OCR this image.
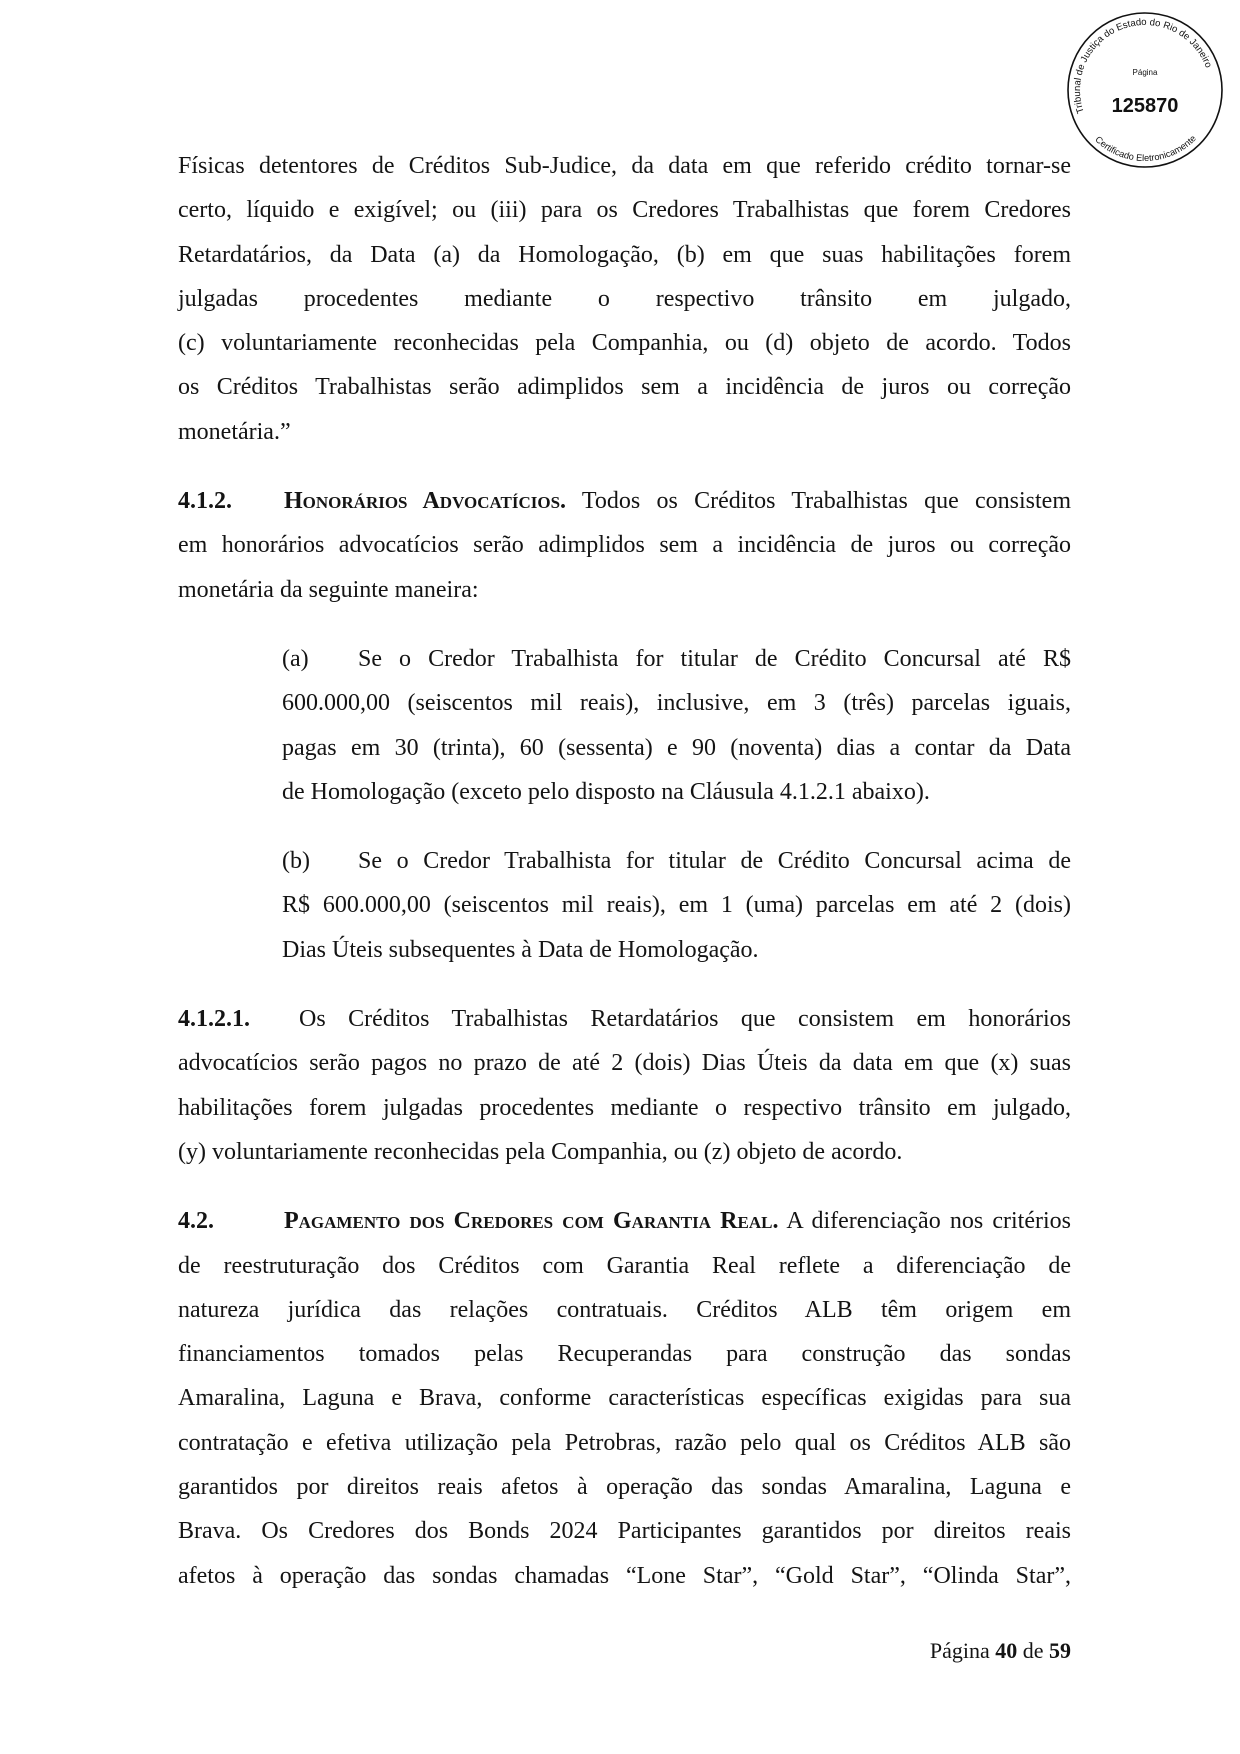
Tribunal de Justiça do Estado do Rio de Janeiro
Página
125870
Certificado Eletronicamente
Físicas detentores de Créditos Sub-Judice, da data em que referido crédito tornar-se
certo, líquido e exigível; ou (iii) para os Credores Trabalhistas que forem Credores
Retardatários, da Data (a) da Homologação, (b) em que suas habilitações forem
julgadas procedentes mediante o respectivo trânsito em julgado,
(c) voluntariamente reconhecidas pela Companhia, ou (d) objeto de acordo. Todos
os Créditos Trabalhistas serão adimplidos sem a incidência de juros ou correção
monetária.”
4.1.2.	Honorários Advocatícios. Todos os Créditos Trabalhistas que consistem
em honorários advocatícios serão adimplidos sem a incidência de juros ou correção
monetária da seguinte maneira:
(a)	Se o Credor Trabalhista for titular de Crédito Concursal até R$
600.000,00 (seiscentos mil reais), inclusive, em 3 (três) parcelas iguais,
pagas em 30 (trinta), 60 (sessenta) e 90 (noventa) dias a contar da Data
de Homologação (exceto pelo disposto na Cláusula 4.1.2.1 abaixo).
(b)	Se o Credor Trabalhista for titular de Crédito Concursal acima de
R$ 600.000,00 (seiscentos mil reais), em 1 (uma) parcelas em até 2 (dois)
Dias Úteis subsequentes à Data de Homologação.
4.1.2.1.	Os Créditos Trabalhistas Retardatários que consistem em honorários
advocatícios serão pagos no prazo de até 2 (dois) Dias Úteis da data em que (x) suas
habilitações forem julgadas procedentes mediante o respectivo trânsito em julgado,
(y) voluntariamente reconhecidas pela Companhia, ou (z) objeto de acordo.
4.2.	Pagamento dos Credores com Garantia Real. A diferenciação nos critérios
de reestruturação dos Créditos com Garantia Real reflete a diferenciação de
natureza jurídica das relações contratuais. Créditos ALB têm origem em
financiamentos tomados pelas Recuperandas para construção das sondas
Amaralina, Laguna e Brava, conforme características específicas exigidas para sua
contratação e efetiva utilização pela Petrobras, razão pelo qual os Créditos ALB são
garantidos por direitos reais afetos à operação das sondas Amaralina, Laguna e
Brava. Os Credores dos Bonds 2024 Participantes garantidos por direitos reais
afetos à operação das sondas chamadas “Lone Star”, “Gold Star”, “Olinda Star”,
Página 40 de 59
